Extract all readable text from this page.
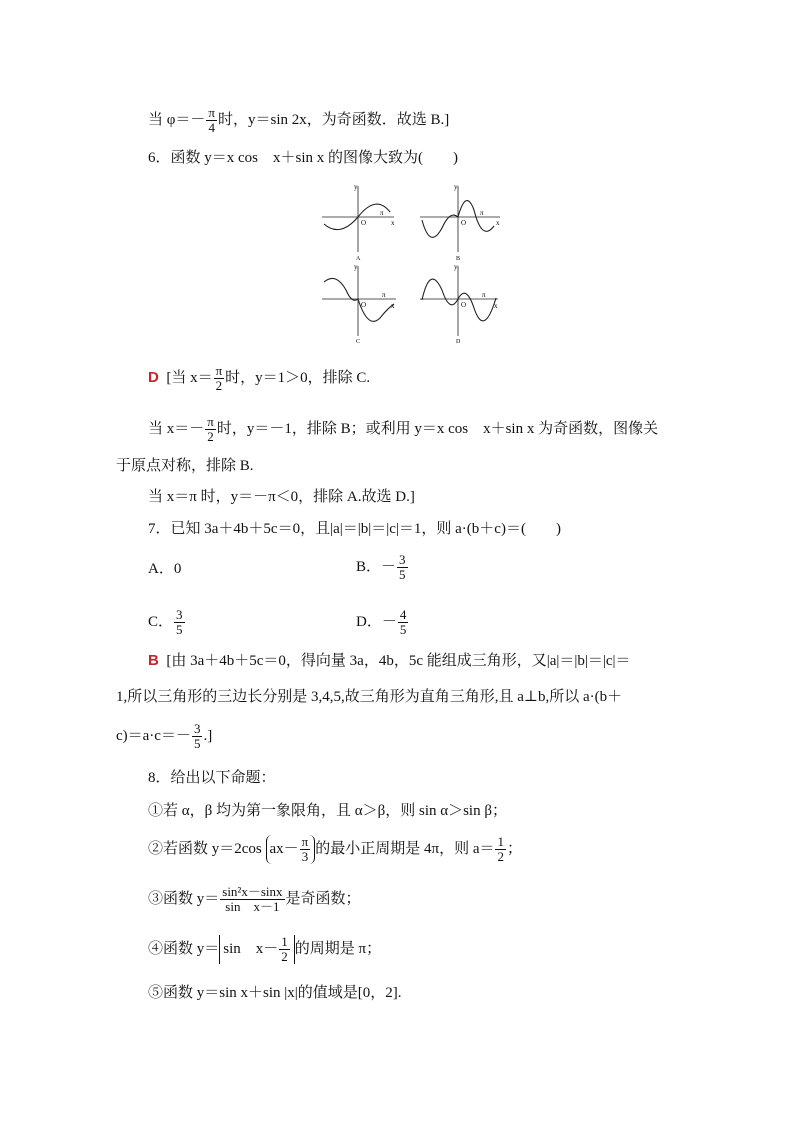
当 $\varphi=- \frac{\pi}{4}$ 时，y＝sin 2x，为奇函数．故选 B.]
6．函数 y＝x cos　x＋sin x 的图像大致为(　　)
y
x
O
π
A
y
x
O
π
B
y
x
O
π
C
y
x
O
π
D
D [当 $x= \frac{\pi}{2}$ 时，y＝1＞0，排除 C.
当 $x=- \frac{\pi}{2}$ 时，y＝－1，排除 B；或利用 y＝x cos　x＋sin x 为奇函数，图像关
于原点对称，排除 B.
当 x＝π 时，y＝－π＜0，排除 A.故选 D.]
7．已知 3a＋4b＋5c＝0，且|a|＝|b|＝|c|＝1，则 a·(b＋c)＝(　　)
A．0	B．－ $\frac{3}{5}$
C． $\frac{3}{5}$	D．－ $\frac{4}{5}$
B [由 3a＋4b＋5c＝0，得向量 3a，4b，5c 能组成三角形，又|a|＝|b|＝|c|＝
1,所以三角形的三边长分别是 3,4,5,故三角形为直角三角形,且 a⊥b,所以 a·(b＋
$c)=a\cdot c=- \frac{3}{5}$ .]
8．给出以下命题：
①若 α，β 均为第一象限角，且 α＞β，则 sin α＞sin β；
②若函数 y＝2cos $ax- \frac{\pi}{3}$ 的最小正周期是 4π，则 $a= \frac{1}{2}$ ；
③函数 $y= \frac{\text{sin²x－sinx}}{\text{sin　x－1}}$ 是奇函数；
④函数 y＝ sin　$x- \frac{1}{2}$ 的周期是 π；
⑤函数 y＝sin x＋sin |x|的值域是[0，2].
